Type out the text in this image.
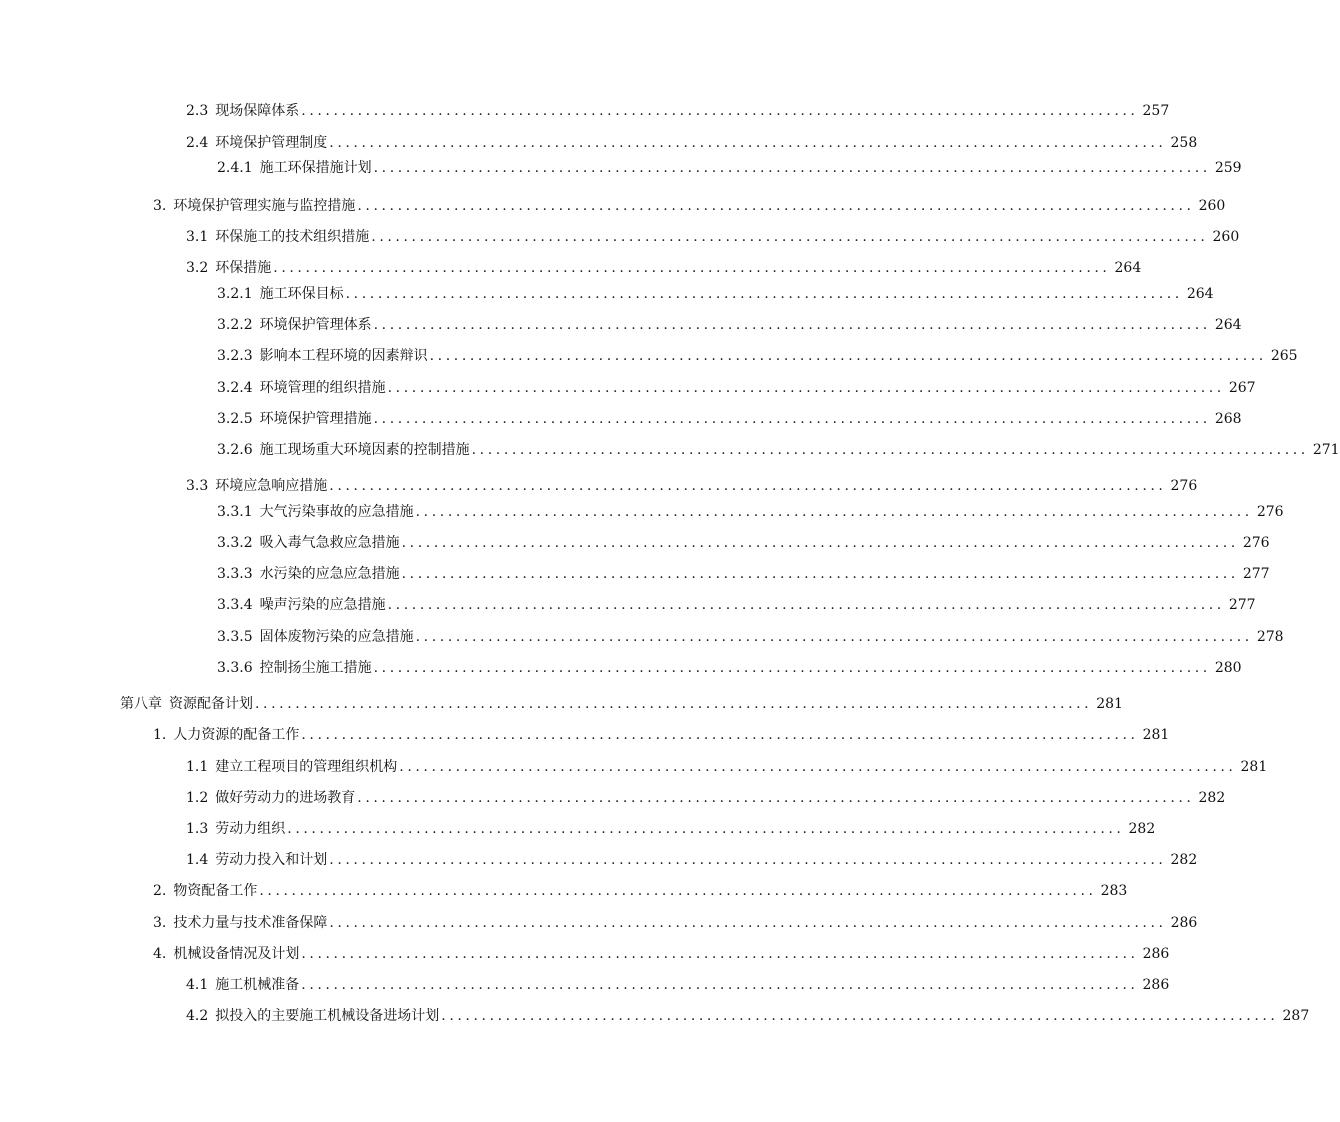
2.3 现场保障体系 ........................................................................................................ 257
2.4 环境保护管理制度 ........................................................................................................ 258
2.4.1 施工环保措施计划 ........................................................................................................ 259
3. 环境保护管理实施与监控措施 ........................................................................................................ 260
3.1 环保施工的技术组织措施 ........................................................................................................ 260
3.2 环保措施 ........................................................................................................ 264
3.2.1 施工环保目标 ........................................................................................................ 264
3.2.2 环境保护管理体系 ........................................................................................................ 264
3.2.3 影响本工程环境的因素辩识 ........................................................................................................ 265
3.2.4 环境管理的组织措施 ........................................................................................................ 267
3.2.5 环境保护管理措施 ........................................................................................................ 268
3.2.6 施工现场重大环境因素的控制措施 ........................................................................................................ 271
3.3 环境应急响应措施 ........................................................................................................ 276
3.3.1 大气污染事故的应急措施 ........................................................................................................ 276
3.3.2 吸入毒气急救应急措施 ........................................................................................................ 276
3.3.3 水污染的应急应急措施 ........................................................................................................ 277
3.3.4 噪声污染的应急措施 ........................................................................................................ 277
3.3.5 固体废物污染的应急措施 ........................................................................................................ 278
3.3.6 控制扬尘施工措施 ........................................................................................................ 280
第八章 资源配备计划 ........................................................................................................ 281
1. 人力资源的配备工作 ........................................................................................................ 281
1.1 建立工程项目的管理组织机构 ........................................................................................................ 281
1.2 做好劳动力的进场教育 ........................................................................................................ 282
1.3 劳动力组织 ........................................................................................................ 282
1.4 劳动力投入和计划 ........................................................................................................ 282
2. 物资配备工作 ........................................................................................................ 283
3. 技术力量与技术准备保障 ........................................................................................................ 286
4. 机械设备情况及计划 ........................................................................................................ 286
4.1 施工机械准备 ........................................................................................................ 286
4.2 拟投入的主要施工机械设备进场计划 ........................................................................................................ 287
